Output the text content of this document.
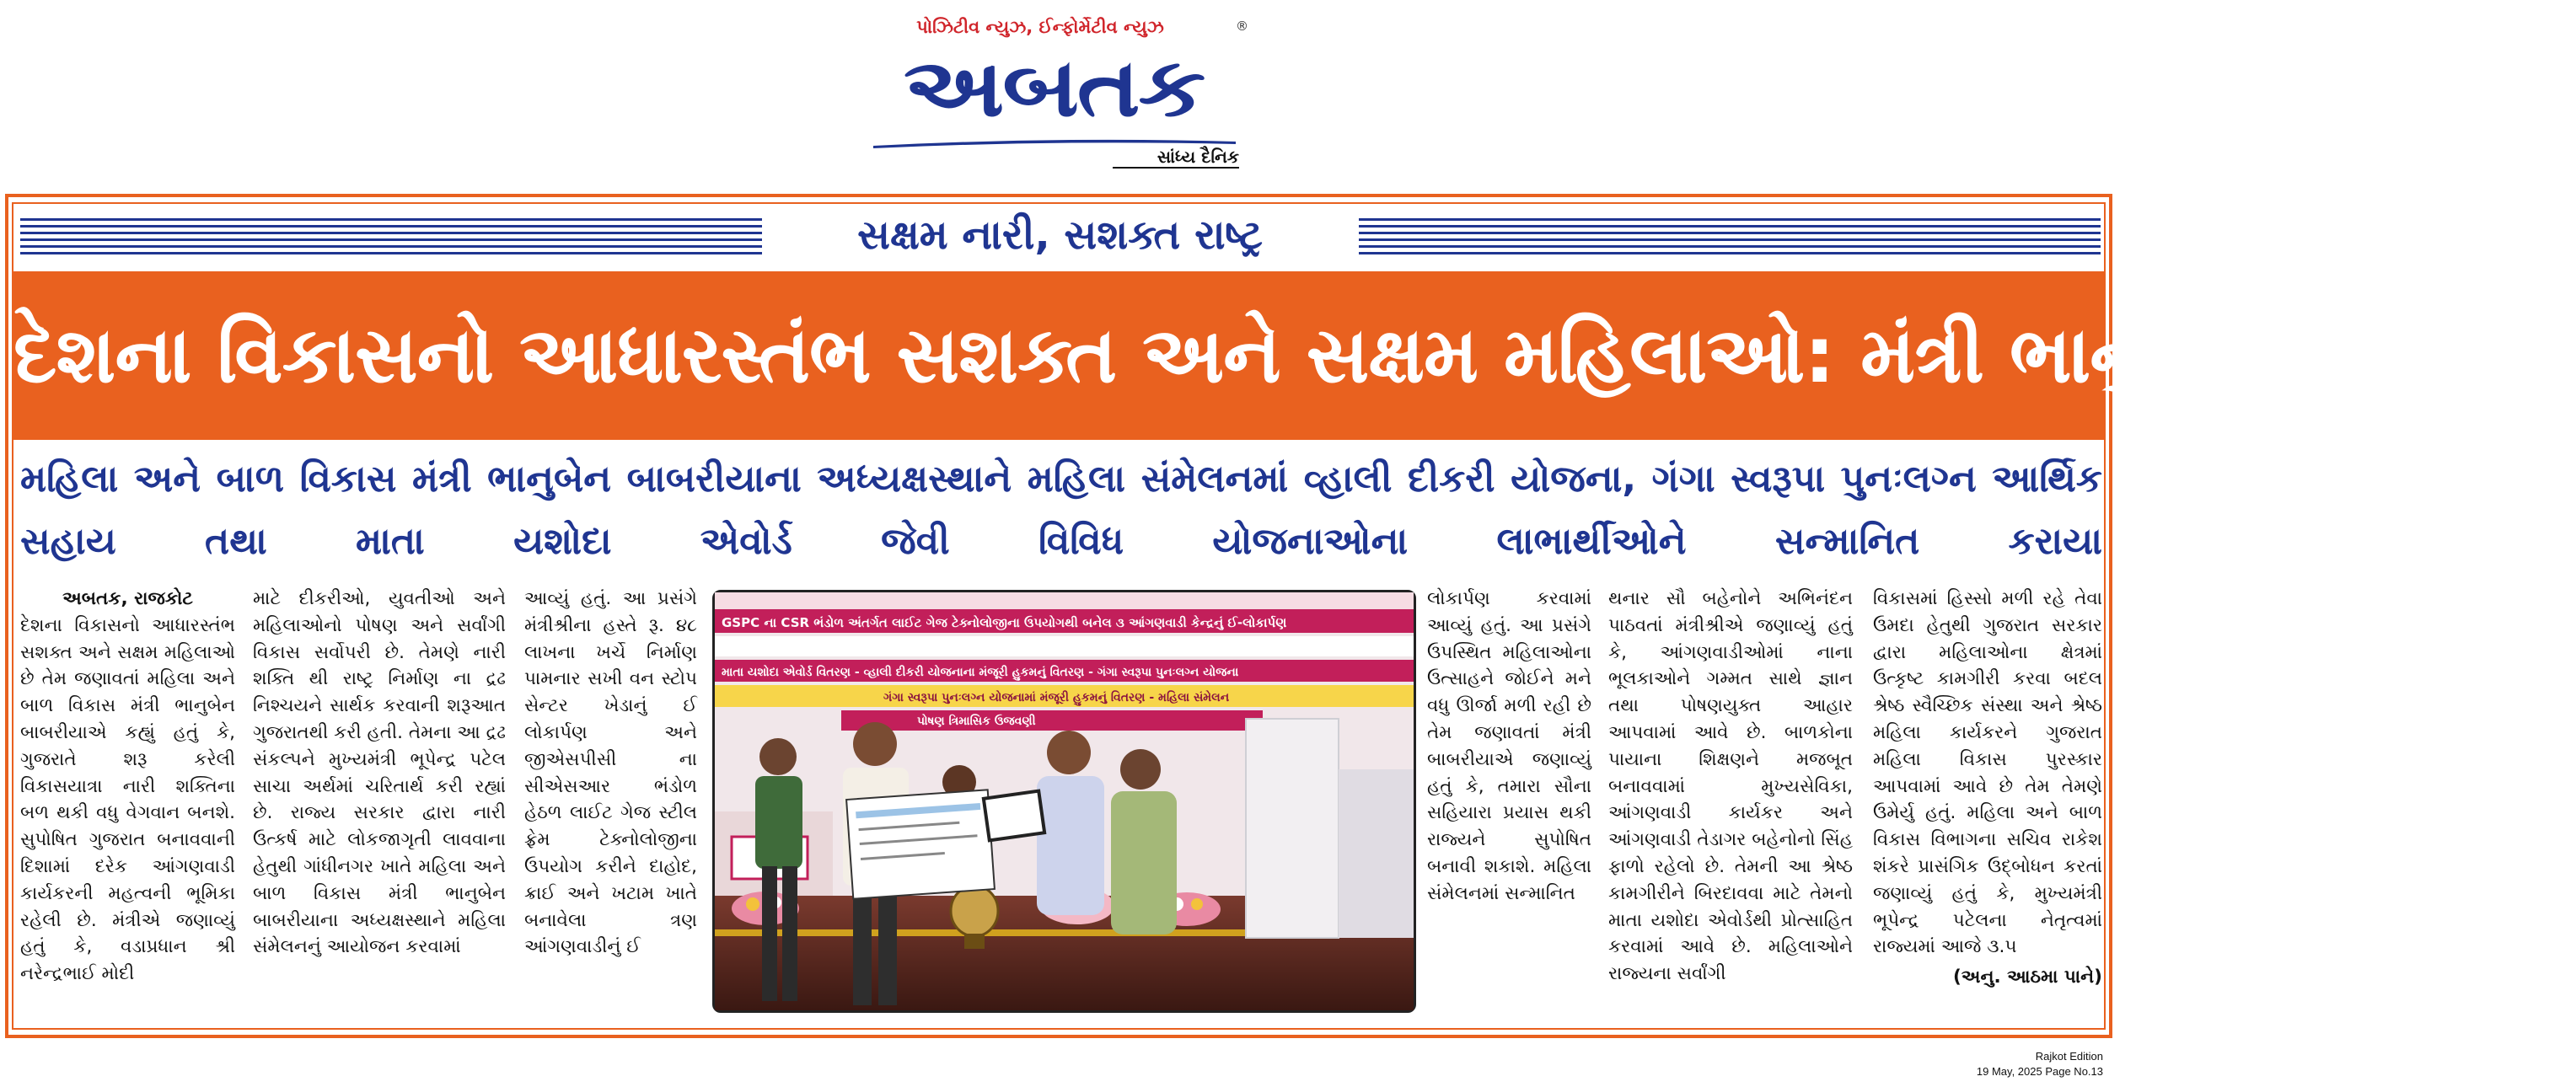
પોઝિટીવ ન્યુઝ, ઈન્ફોર્મેટીવ ન્યુઝ	®
અબતક
સાંધ્ય દૈનિક
સક્ષમ નારી, સશક્ત રાષ્ટ્ર
દેશના વિકાસનો આધારસ્તંભ સશક્ત અને સક્ષમ મહિલાઓ: મંત્રી ભાનુબેન બાબરીયા
મહિલા અને બાળ વિકાસ મંત્રી ભાનુબેન બાબરીયાના અધ્યક્ષસ્થાને મહિલા સંમેલનમાં વ્હાલી દીકરી યોજના, ગંગા સ્વરૂપા પુનઃલગ્ન આર્થિક સહાય તથા માતા યશોદા એવોર્ડ જેવી વિવિધ યોજનાઓના લાભાર્થીઓને સન્માનિત કરાયા
અબતક, રાજકોટ

દેશના વિકાસનો આધારસ્તંભ સશક્ત અને સક્ષમ મહિલાઓ છે તેમ જણાવતાં મહિલા અને બાળ વિકાસ મંત્રી ભાનુબેન બાબરીયાએ કહ્યું હતું કે, ગુજરાતે શરૂ કરેલી વિકાસયાત્રા નારી શક્તિના બળ થકી વધુ વેગવાન બનશે. સુપોષિત ગુજરાત બનાવવાની દિશામાં દરેક આંગણવાડી કાર્યકરની મહત્વની ભૂમિકા રહેલી છે. મંત્રીએ જણાવ્યું હતું કે, વડાપ્રધાન શ્રી નરેન્દ્રભાઈ મોદી

માટે દીકરીઓ, યુવતીઓ અને મહિલાઓનો પોષણ અને સર્વાંગી વિકાસ સર્વોપરી છે. તેમણે નારી શક્તિ થી રાષ્ટ્ર નિર્માણ ના દ્રઢ નિશ્ચયને સાર્થક કરવાની શરૂઆત ગુજરાતથી કરી હતી. તેમના આ દ્રઢ સંકલ્પને મુખ્યમંત્રી ભૂપેન્દ્ર પટેલ સાચા અર્થમાં ચરિતાર્થ કરી રહ્યાં છે. રાજ્ય સરકાર દ્વારા નારી ઉત્કર્ષ માટે લોકજાગૃતી લાવવાના હેતુથી ગાંધીનગર ખાતે મહિલા અને બાળ વિકાસ મંત્રી ભાનુબેન બાબરીયાના અધ્યક્ષસ્થાને મહિલા સંમેલનનું આયોજન કરવામાં

આવ્યું હતું. આ પ્રસંગે મંત્રીશ્રીના હસ્તે રૂ. ૪૮ લાખના ખર્ચે નિર્માણ પામનાર સખી વન સ્ટોપ સેન્ટર ખેડાનું ઈ લોકાર્પણ અને જીએસપીસી ના સીએસઆર ભંડોળ હેઠળ લાઈટ ગેજ સ્ટીલ ફ્રેમ ટેક્નોલોજીના ઉપયોગ કરીને દાહોદ, ક્રાઈ અને ખટામ ખાતે બનાવેલા ત્રણ આંગણવાડીનું ઈ

GSPC ના CSR ભંડોળ અંતર્ગત લાઈટ ગેજ ટેક્નોલોજીના ઉપયોગથી બનેલ ૩ આંગણવાડી કેન્દ્રનું ઈ-લોકાર્પણ
માતા યશોદા એવોર્ડ વિતરણ - વ્હાલી દીકરી યોજનાના મંજૂરી હુકમનું વિતરણ - ગંગા સ્વરૂપા પુનઃલગ્ન યોજના
ગંગા સ્વરૂપા પુનઃલગ્ન યોજનામાં મંજૂરી હુકમનું વિતરણ - મહિલા સંમેલન
પોષણ ત્રિમાસિક ઉજવણી

લોકાર્પણ કરવામાં આવ્યું હતું. આ પ્રસંગે ઉપસ્થિત મહિલાઓના ઉત્સાહને જોઈને મને વધુ ઊર્જા મળી રહી છે તેમ જણાવતાં મંત્રી બાબરીયાએ જણાવ્યું હતું કે, તમારા સૌના સહિયારા પ્રયાસ થકી રાજ્યને સુપોષિત બનાવી શકાશે. મહિલા સંમેલનમાં સન્માનિત

થનાર સૌ બહેનોને અભિનંદન પાઠવતાં મંત્રીશ્રીએ જણાવ્યું હતું કે, આંગણવાડીઓમાં નાના ભૂલકાઓને ગમ્મત સાથે જ્ઞાન તથા પોષણયુક્ત આહાર આપવામાં આવે છે. બાળકોના પાયાના શિક્ષણને મજબૂત બનાવવામાં મુખ્યસેવિકા, આંગણવાડી કાર્યકર અને આંગણવાડી તેડાગર બહેનોનો સિંહ ફાળો રહેલો છે. તેમની આ શ્રેષ્ઠ કામગીરીને બિરદાવવા માટે તેમનો માતા યશોદા એવોર્ડથી પ્રોત્સાહિત કરવામાં આવે છે. મહિલાઓને રાજ્યના સર્વાંગી

વિકાસમાં હિસ્સો મળી રહે તેવા ઉમદા હેતુથી ગુજરાત સરકાર દ્વારા મહિલાઓના ક્ષેત્રમાં ઉત્કૃષ્ટ કામગીરી કરવા બદલ શ્રેષ્ઠ સ્વૈચ્છિક સંસ્થા અને શ્રેષ્ઠ મહિલા કાર્યકરને ગુજરાત મહિલા વિકાસ પુરસ્કાર આપવામાં આવે છે તેમ તેમણે ઉમેર્યુ હતું. મહિલા અને બાળ વિકાસ વિભાગના સચિવ રાકેશ શંકરે પ્રાસંગિક ઉદ્બોધન કરતાં જણાવ્યું હતું કે, મુખ્યમંત્રી ભૂપેન્દ્ર પટેલના નેતૃત્વમાં રાજ્યમાં આજે ૩.૫

(અનુ. આઠમા પાને)
Rajkot Edition
19 May, 2025 Page No.13
